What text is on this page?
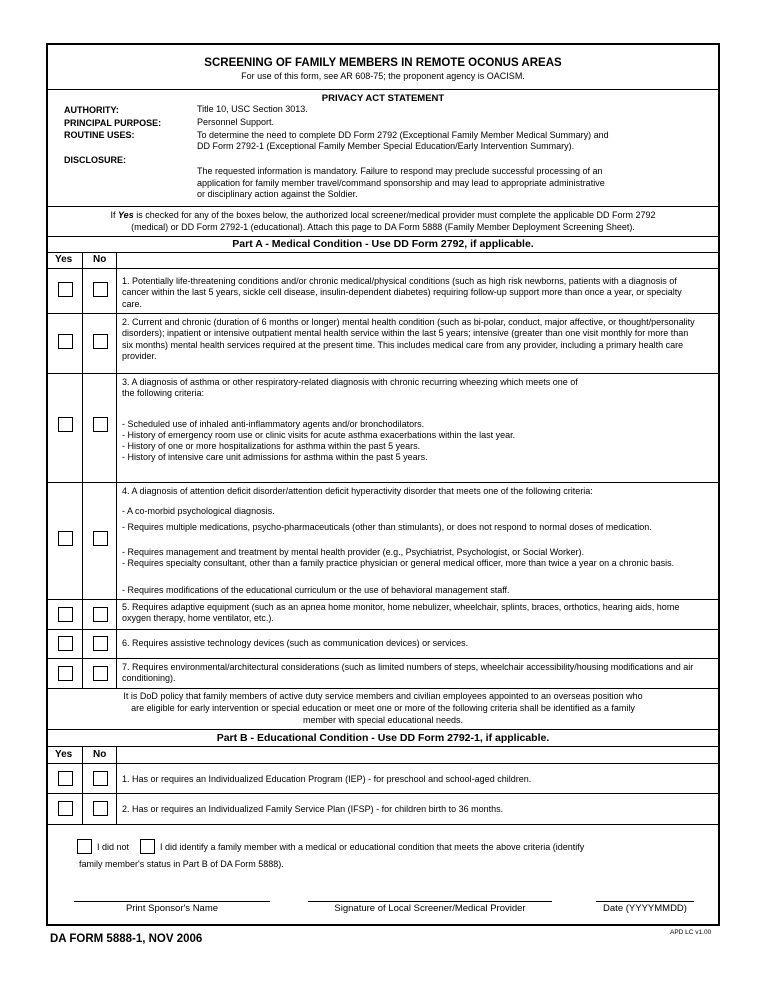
SCREENING OF FAMILY MEMBERS IN REMOTE OCONUS AREAS
For use of this form, see AR 608-75; the proponent agency is OACISM.
PRIVACY ACT STATEMENT
AUTHORITY:	Title 10, USC Section 3013.
PRINCIPAL PURPOSE:	Personnel Support.
ROUTINE USES:	To determine the need to complete DD Form 2792 (Exceptional Family Member Medical Summary) and
DD Form 2792-1 (Exceptional Family Member Special Education/Early Intervention Summary).
DISCLOSURE:
The requested information is mandatory. Failure to respond may preclude successful processing of an
application for family member travel/command sponsorship and may lead to appropriate administrative
or disciplinary action against the Soldier.
If Yes is checked for any of the boxes below, the authorized local screener/medical provider must complete the applicable DD Form 2792
(medical) or DD Form 2792-1 (educational). Attach this page to DA Form 5888 (Family Member Deployment Screening Sheet).
Part A - Medical Condition - Use DD Form 2792, if applicable.
Yes No
1. Potentially life-threatening conditions and/or chronic medical/physical conditions (such as high risk newborns, patients with a diagnosis of cancer within the last 5 years, sickle cell disease, insulin-dependent diabetes) requiring follow-up support more than once a year, or specialty care.
2. Current and chronic (duration of 6 months or longer) mental health condition (such as bi-polar, conduct, major affective, or thought/personality disorders); inpatient or intensive outpatient mental health service within the last 5 years; intensive (greater than one visit monthly for more than six months) mental health services required at the present time. This includes medical care from any provider, including a primary health care provider.
3. A diagnosis of asthma or other respiratory-related diagnosis with chronic recurring wheezing which meets one of
the following criteria:
- Scheduled use of inhaled anti-inflammatory agents and/or bronchodilators.
- History of emergency room use or clinic visits for acute asthma exacerbations within the last year.
- History of one or more hospitalizations for asthma within the past 5 years.
- History of intensive care unit admissions for asthma within the past 5 years.
4. A diagnosis of attention deficit disorder/attention deficit hyperactivity disorder that meets one of the following criteria:
- A co-morbid psychological diagnosis.
- Requires multiple medications, psycho-pharmaceuticals (other than stimulants), or does not respond to normal doses of medication.
- Requires management and treatment by mental health provider (e.g., Psychiatrist, Psychologist, or Social Worker).
- Requires specialty consultant, other than a family practice physician or general medical officer, more than twice a year on a chronic basis.
- Requires modifications of the educational curriculum or the use of behavioral management staff.
5. Requires adaptive equipment (such as an apnea home monitor, home nebulizer, wheelchair, splints, braces, orthotics, hearing aids, home oxygen therapy, home ventilator, etc.).
6. Requires assistive technology devices (such as communication devices) or services.
7. Requires environmental/architectural considerations (such as limited numbers of steps, wheelchair accessibility/housing modifications and air conditioning).
It is DoD policy that family members of active duty service members and civilian employees appointed to an overseas position who
are eligible for early intervention or special education or meet one or more of the following criteria shall be identified as a family
member with special educational needs.
Part B - Educational Condition - Use DD Form 2792-1, if applicable.
Yes No
1. Has or requires an Individualized Education Program (IEP) - for preschool and school-aged children.
2. Has or requires an Individualized Family Service Plan (IFSP) - for children birth to 36 months.
I did not	I did identify a family member with a medical or educational condition that meets the above criteria (identify
family member's status in Part B of DA Form 5888).
Print Sponsor's Name	Signature of Local Screener/Medical Provider	Date (YYYYMMDD)
DA FORM 5888-1, NOV 2006
APD LC v1.00
